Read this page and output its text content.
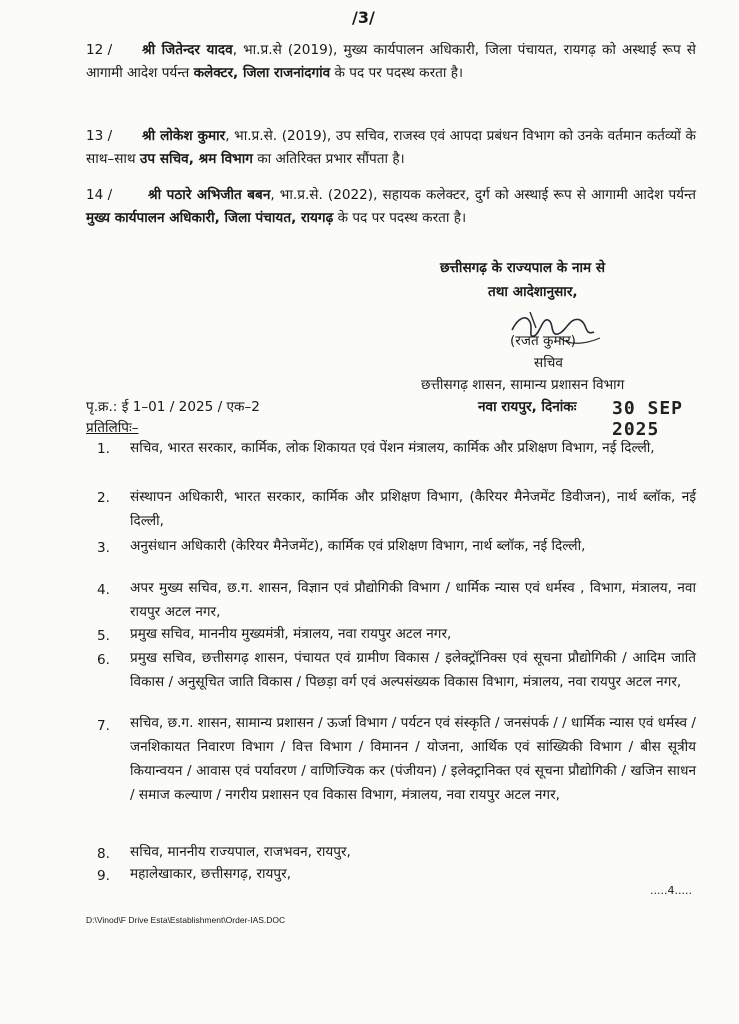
/3/
12 /	श्री जितेन्दर यादव, भा.प्र.से (2019), मुख्य कार्यपालन अधिकारी, जिला पंचायत, रायगढ़ को अस्थाई रूप से आगामी आदेश पर्यन्त कलेक्टर, जिला राजनांदगांव के पद पर पदस्थ करता है।
13 /	श्री लोकेश कुमार, भा.प्र.से. (2019), उप सचिव, राजस्व एवं आपदा प्रबंधन विभाग को उनके वर्तमान कर्तव्यों के साथ–साथ उप सचिव, श्रम विभाग का अतिरिक्त प्रभार सौंपता है।
14 /	श्री पठारे अभिजीत बबन, भा.प्र.से. (2022), सहायक कलेक्टर, दुर्ग को अस्थाई रूप से आगामी आदेश पर्यन्त मुख्य कार्यपालन अधिकारी, जिला पंचायत, रायगढ़ के पद पर पदस्थ करता है।
छत्तीसगढ़ के राज्यपाल के नाम से
तथा आदेशानुसार,
(रजत कुमार)
सचिव
छत्तीसगढ़ शासन, सामान्य प्रशासन विभाग
पृ.क्र.: ई 1–01 / 2025 / एक–2	नवा रायपुर, दिनांकः 30 SEP 2025
प्रतिलिपिः–
1.	सचिव, भारत सरकार, कार्मिक, लोक शिकायत एवं पेंशन मंत्रालय, कार्मिक और प्रशिक्षण विभाग, नई दिल्ली,
2.	संस्थापन अधिकारी, भारत सरकार, कार्मिक और प्रशिक्षण विभाग, (कैरियर मैनेजमेंट डिवीजन), नार्थ ब्लॉक, नई दिल्ली,
3.	अनुसंधान अधिकारी (केरियर मैनेजमेंट), कार्मिक एवं प्रशिक्षण विभाग, नार्थ ब्लॉक, नई दिल्ली,
4.	अपर मुख्य सचिव, छ.ग. शासन, विज्ञान एवं प्रौद्योगिकी विभाग / धार्मिक न्यास एवं धर्मस्व , विभाग, मंत्रालय, नवा रायपुर अटल नगर,
5.	प्रमुख सचिव, माननीय मुख्यमंत्री, मंत्रालय, नवा रायपुर अटल नगर,
6.	प्रमुख सचिव, छत्तीसगढ़ शासन, पंचायत एवं ग्रामीण विकास / इलेक्ट्रॉनिक्स एवं सूचना प्रौद्योगिकी / आदिम जाति विकास / अनुसूचित जाति विकास / पिछड़ा वर्ग एवं अल्पसंख्यक विकास विभाग, मंत्रालय, नवा रायपुर अटल नगर,
7.	सचिव, छ.ग. शासन, सामान्य प्रशासन / ऊर्जा विभाग / पर्यटन एवं संस्कृति / जनसंपर्क / / धार्मिक न्यास एवं धर्मस्व / जनशिकायत निवारण विभाग / वित्त विभाग / विमानन / योजना, आर्थिक एवं सांख्यिकी विभाग / बीस सूत्रीय कियान्वयन / आवास एवं पर्यावरण / वाणिज्यिक कर (पंजीयन) / इलेक्ट्रानिक्त एवं सूचना प्रौद्योगिकी / खजिन साधन / समाज कल्याण / नगरीय प्रशासन एव विकास विभाग, मंत्रालय, नवा रायपुर अटल नगर,
8.	सचिव, माननीय राज्यपाल, राजभवन, रायपुर,
9.	महालेखाकार, छत्तीसगढ़, रायपुर,
.....4.....
D:\Vinod\F Drive Esta\Establishment\Order-IAS.DOC
